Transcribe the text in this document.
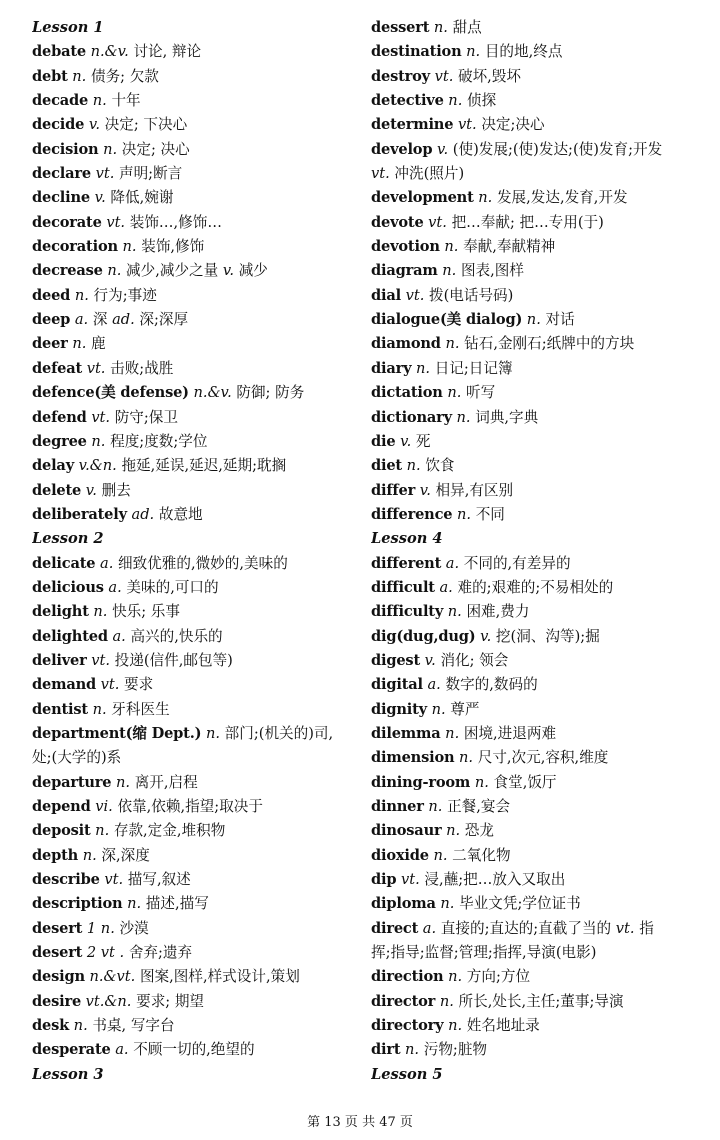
Lesson 1
debate n.&v. 讨论, 辩论
debt n. 债务; 欠款
decade n. 十年
decide v. 决定; 下决心
decision n. 决定; 决心
declare vt. 声明;断言
decline v. 降低,婉谢
decorate vt. 装饰…,修饰…
decoration n. 装饰,修饰
decrease n. 减少,减少之量 v. 减少
deed n. 行为;事迹
deep a. 深 ad. 深;深厚
deer n. 鹿
defeat vt. 击败;战胜
defence(美 defense) n.&v. 防御; 防务
defend vt. 防守;保卫
degree n. 程度;度数;学位
delay v.&n. 拖延,延误,延迟,延期;耽搁
delete v. 删去
deliberately ad. 故意地
Lesson 2
delicate a. 细致优雅的,微妙的,美味的
delicious a. 美味的,可口的
delight n. 快乐; 乐事
delighted a. 高兴的,快乐的
deliver vt. 投递(信件,邮包等)
demand vt. 要求
dentist n. 牙科医生
department(缩 Dept.) n. 部门;(机关的)司,
处;(大学的)系
departure n. 离开,启程
depend vi. 依靠,依赖,指望;取决于
deposit n. 存款,定金,堆积物
depth n. 深,深度
describe vt. 描写,叙述
description n. 描述,描写
desert 1 n. 沙漠
desert 2 vt . 舍弃;遗弃
design n.&vt. 图案,图样,样式设计,策划
desire vt.&n. 要求; 期望
desk n. 书桌, 写字台
desperate a. 不顾一切的,绝望的
Lesson 3
dessert n. 甜点
destination n. 目的地,终点
destroy vt. 破坏,毁坏
detective n. 侦探
determine vt. 决定;决心
develop v. (使)发展;(使)发达;(使)发育;开发
vt. 冲洗(照片)
development n. 发展,发达,发育,开发
devote vt. 把…奉献; 把…专用(于)
devotion n. 奉献,奉献精神
diagram n. 图表,图样
dial vt. 拨(电话号码)
dialogue(美 dialog) n. 对话
diamond n. 钻石,金刚石;纸牌中的方块
diary n. 日记;日记簿
dictation n. 听写
dictionary n. 词典,字典
die v. 死
diet n. 饮食
differ v. 相异,有区别
difference n. 不同
Lesson 4
different a. 不同的,有差异的
difficult a. 难的;艰难的;不易相处的
difficulty n. 困难,费力
dig(dug,dug) v. 挖(洞、沟等);掘
digest v. 消化; 领会
digital a. 数字的,数码的
dignity n. 尊严
dilemma n. 困境,进退两难
dimension n. 尺寸,次元,容积,维度
dining-room n. 食堂,饭厅
dinner n. 正餐,宴会
dinosaur n. 恐龙
dioxide n. 二氧化物
dip vt. 浸,蘸;把…放入又取出
diploma n. 毕业文凭;学位证书
direct a. 直接的;直达的;直截了当的 vt. 指
挥;指导;监督;管理;指挥,导演(电影)
direction n. 方向;方位
director n. 所长,处长,主任;董事;导演
directory n. 姓名地址录
dirt n. 污物;脏物
Lesson 5
第 13 页 共 47 页
